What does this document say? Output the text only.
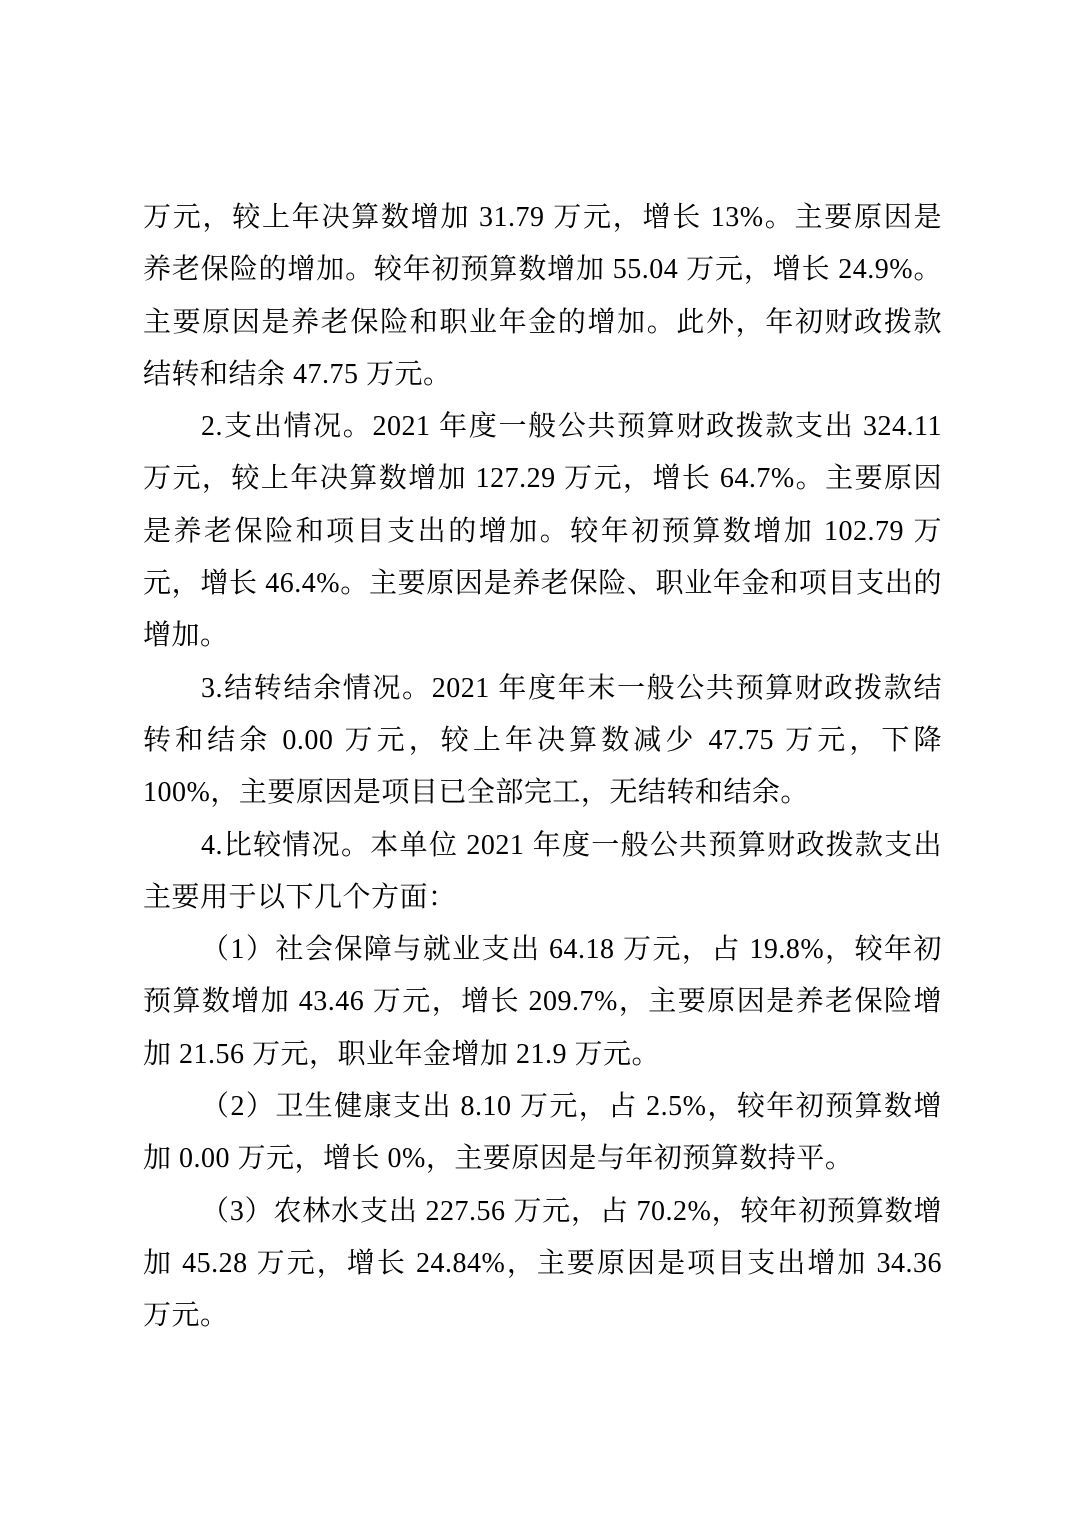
万元，较上年决算数增加 31.79 万元，增长 13%。主要原因是
养老保险的增加。较年初预算数增加 55.04 万元，增长 24.9%。
主要原因是养老保险和职业年金的增加。此外，年初财政拨款
结转和结余 47.75 万元。
2.支出情况。2021 年度一般公共预算财政拨款支出 324.11
万元，较上年决算数增加 127.29 万元，增长 64.7%。主要原因
是养老保险和项目支出的增加。较年初预算数增加 102.79 万
元，增长 46.4%。主要原因是养老保险、职业年金和项目支出的
增加。
3.结转结余情况。2021 年度年末一般公共预算财政拨款结
转和结余 0.00 万元，较上年决算数减少 47.75 万元，下降
100%，主要原因是项目已全部完工，无结转和结余。
4.比较情况。本单位 2021 年度一般公共预算财政拨款支出
主要用于以下几个方面：
（1）社会保障与就业支出 64.18 万元，占 19.8%，较年初
预算数增加 43.46 万元，增长 209.7%，主要原因是养老保险增
加 21.56 万元，职业年金增加 21.9 万元。
（2）卫生健康支出 8.10 万元，占 2.5%，较年初预算数增
加 0.00 万元，增长 0%，主要原因是与年初预算数持平。
（3）农林水支出 227.56 万元，占 70.2%，较年初预算数增
加 45.28 万元，增长 24.84%，主要原因是项目支出增加 34.36
万元。
